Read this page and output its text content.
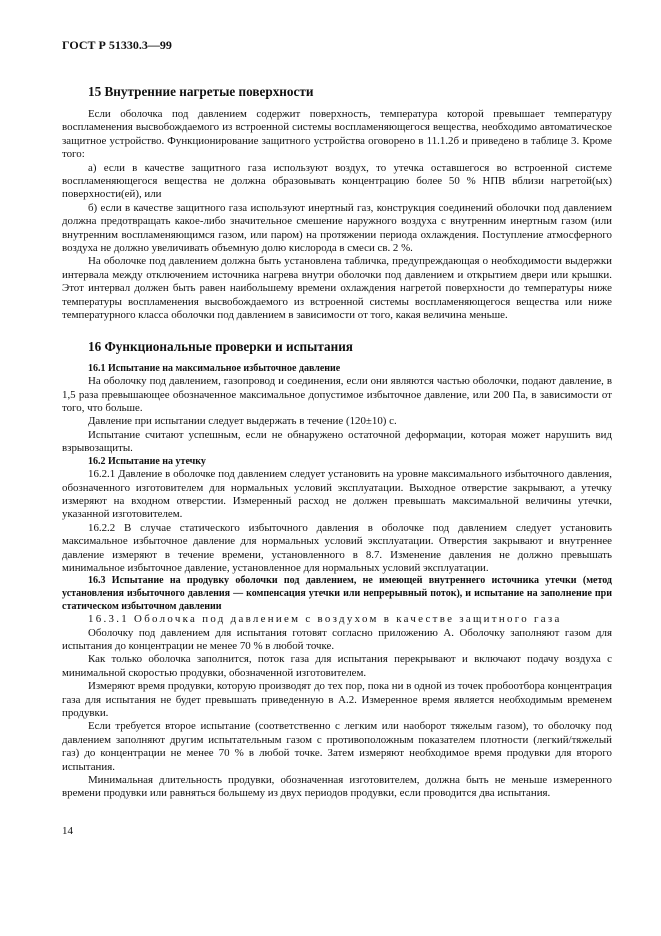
ГОСТ Р 51330.3—99
15 Внутренние нагретые поверхности

Если оболочка под давлением содержит поверхность, температура которой превышает температуру воспламенения высвобождаемого из встроенной системы воспламеняющегося вещества, необходимо автоматическое защитное устройство. Функционирование защитного устройства оговорено в 11.1.2б и приведено в таблице 3. Кроме того:

а) если в качестве защитного газа используют воздух, то утечка оставшегося во встроенной системе воспламеняющегося вещества не должна образовывать концентрацию более 50 % НПВ вблизи нагретой(ых) поверхности(ей), или

б) если в качестве защитного газа используют инертный газ, конструкция соединений оболочки под давлением должна предотвращать какое-либо значительное смешение наружного воздуха с внутренним инертным газом (или внутренним воспламеняющимся газом, или паром) на протяжении периода охлаждения. Поступление атмосферного воздуха не должно увеличивать объемную долю кислорода в смеси св. 2 %.

На оболочке под давлением должна быть установлена табличка, предупреждающая о необходимости выдержки интервала между отключением источника нагрева внутри оболочки под давлением и открытием двери или крышки. Этот интервал должен быть равен наибольшему времени охлаждения нагретой поверхности до температуры ниже температуры воспламенения высвобождаемого из встроенной системы воспламеняющегося вещества или ниже температурного класса оболочки под давлением в зависимости от того, какая величина меньше.

16 Функциональные проверки и испытания
16.1 Испытание на максимальное избыточное давление

На оболочку под давлением, газопровод и соединения, если они являются частью оболочки, подают давление, в 1,5 раза превышающее обозначенное максимальное допустимое избыточное давление, или 200 Па, в зависимости от того, что больше.

Давление при испытании следует выдержать в течение (120±10) с.

Испытание считают успешным, если не обнаружено остаточной деформации, которая может нарушить вид взрывозащиты.

16.2 Испытание на утечку

16.2.1 Давление в оболочке под давлением следует установить на уровне максимального избыточного давления, обозначенного изготовителем для нормальных условий эксплуатации. Выходное отверстие закрывают, а утечку измеряют на входном отверстии. Измеренный расход не должен превышать максимальной величины утечки, указанной изготовителем.

16.2.2 В случае статического избыточного давления в оболочке под давлением следует установить максимальное избыточное давление для нормальных условий эксплуатации. Отверстия закрывают и внутреннее давление измеряют в течение времени, установленного в 8.7. Изменение давления не должно превышать минимальное избыточное давление, установленное для нормальных условий эксплуатации.

16.3 Испытание на продувку оболочки под давлением, не имеющей внутреннего источника утечки (метод установления избыточного давления — компенсация утечки или непрерывный поток), и испытание на заполнение при статическом избыточном давлении

16.3.1 Оболочка под давлением с воздухом в качестве защитного газа

Оболочку под давлением для испытания готовят согласно приложению А. Оболочку заполняют газом для испытания до концентрации не менее 70 % в любой точке.

Как только оболочка заполнится, поток газа для испытания перекрывают и включают подачу воздуха с минимальной скоростью продувки, обозначенной изготовителем.

Измеряют время продувки, которую производят до тех пор, пока ни в одной из точек пробоотбора концентрация газа для испытания не будет превышать приведенную в А.2. Измеренное время является необходимым временем продувки.

Если требуется второе испытание (соответственно с легким или наоборот тяжелым газом), то оболочку под давлением заполняют другим испытательным газом с противоположным показателем плотности (легкий/тяжелый газ) до концентрации не менее 70 % в любой точке. Затем измеряют необходимое время продувки для второго испытания.

Минимальная длительность продувки, обозначенная изготовителем, должна быть не меньше измеренного времени продувки или равняться большему из двух периодов продувки, если проводится два испытания.

14
